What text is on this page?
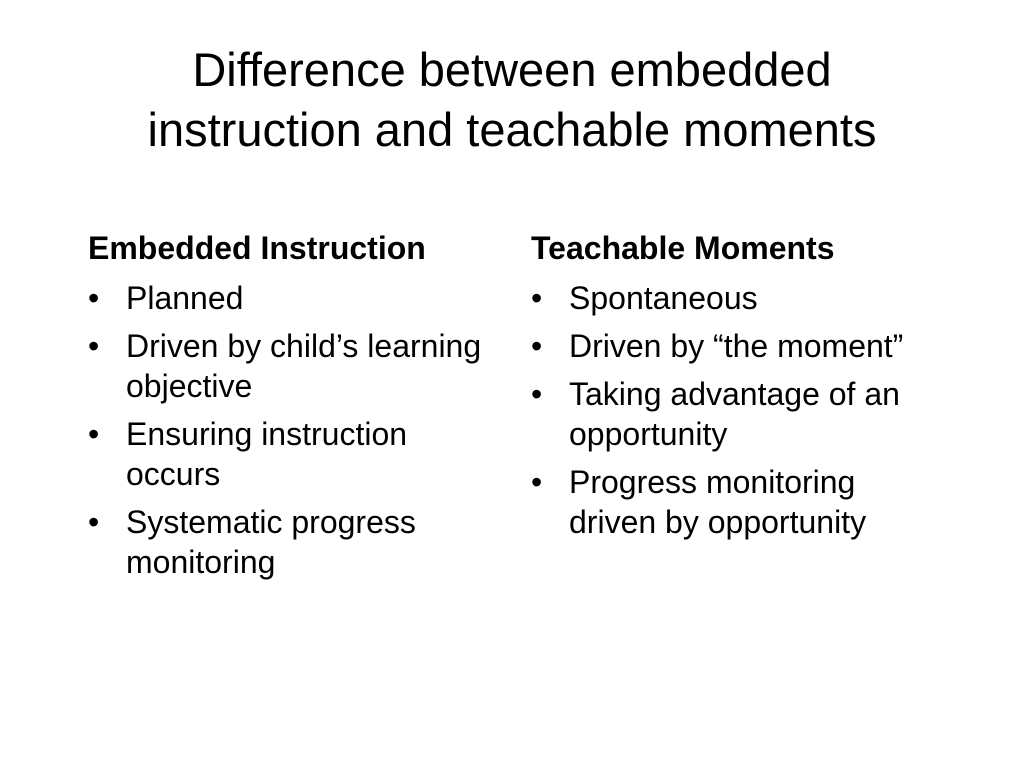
Difference between embedded instruction and teachable moments
Embedded Instruction
• Planned
• Driven by child’s learning objective
• Ensuring instruction occurs
• Systematic progress monitoring
Teachable Moments
• Spontaneous
• Driven by “the moment”
• Taking advantage of an opportunity
• Progress monitoring driven by opportunity
